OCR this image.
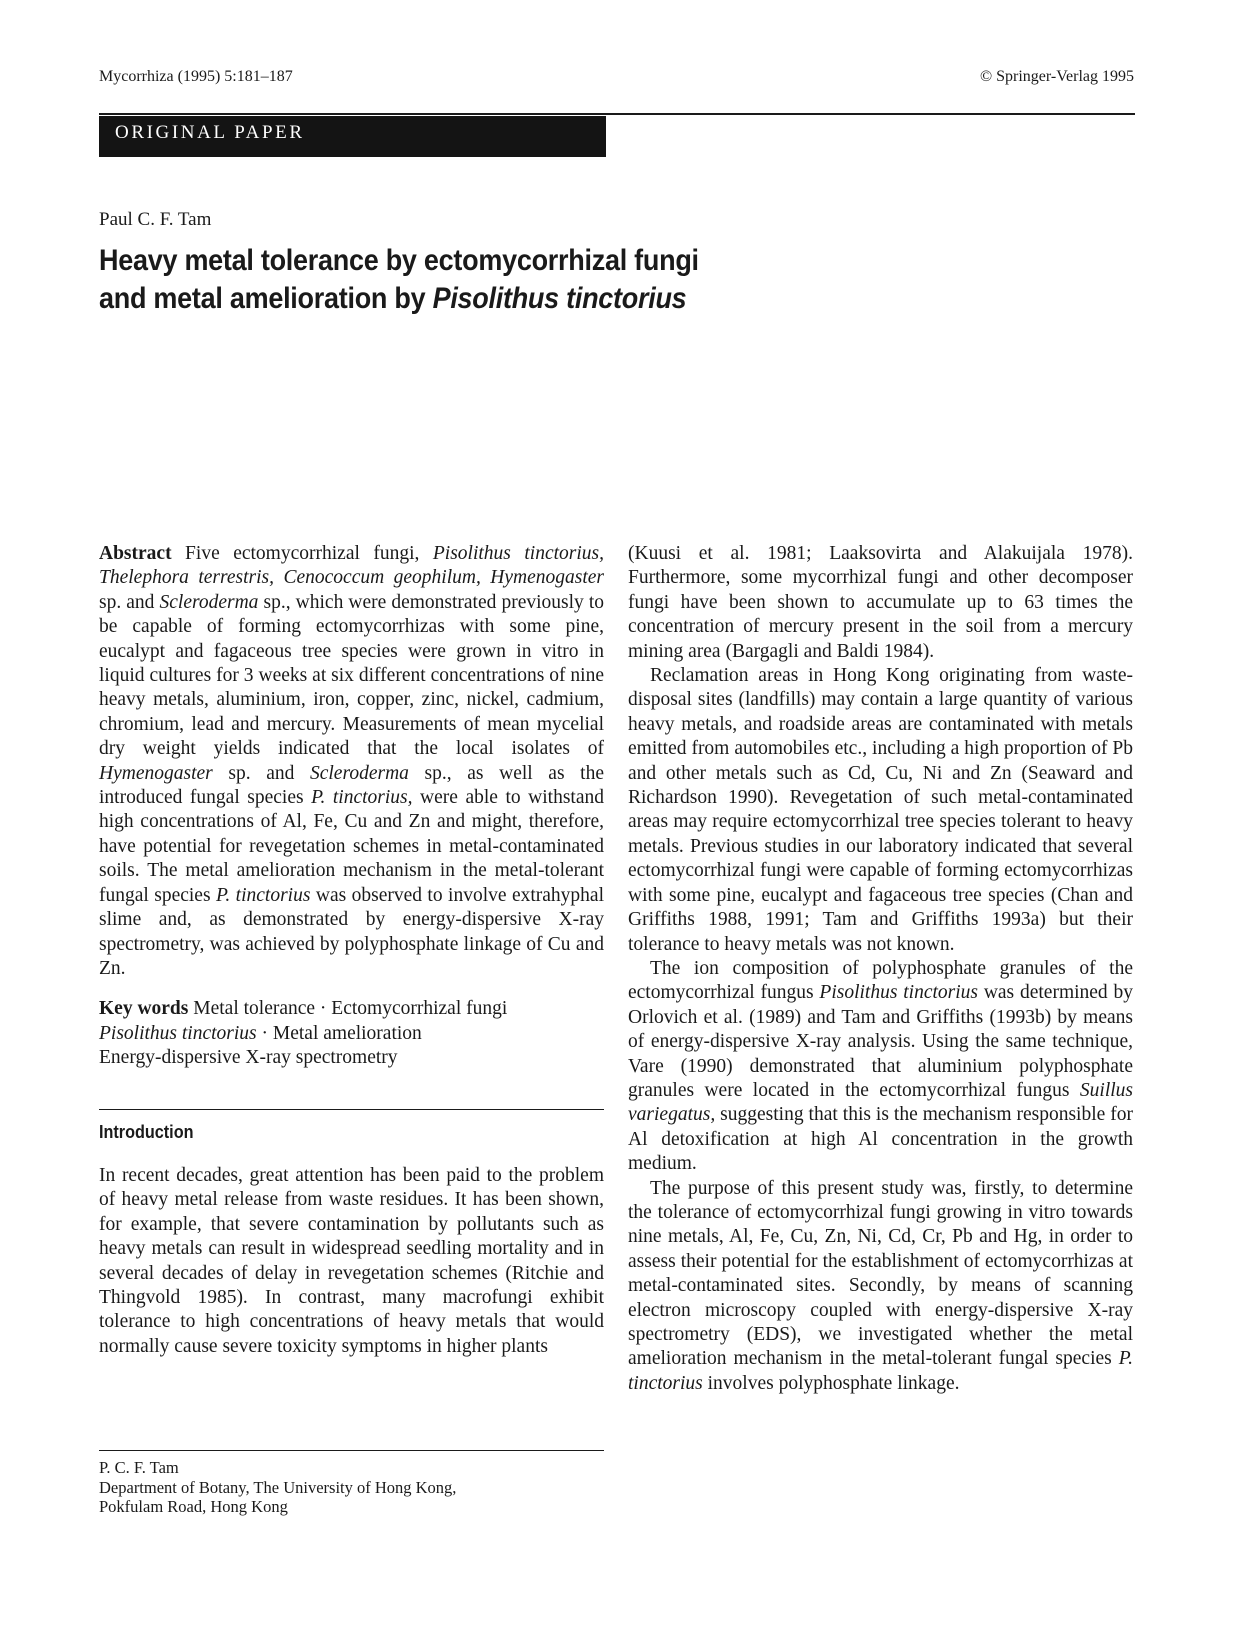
Mycorrhiza (1995) 5:181–187	© Springer-Verlag 1995
ORIGINAL PAPER
Paul C. F. Tam
Heavy metal tolerance by ectomycorrhizal fungi
and metal amelioration by Pisolithus tinctorius

Abstract Five ectomycorrhizal fungi, Pisolithus tinctorius, Thelephora terrestris, Cenococcum geophilum, Hymenogaster sp. and Scleroderma sp., which were demonstrated previously to be capable of forming ectomycorrhizas with some pine, eucalypt and fagaceous tree species were grown in vitro in liquid cultures for 3 weeks at six different concentrations of nine heavy metals, aluminium, iron, copper, zinc, nickel, cadmium, chromium, lead and mercury. Measurements of mean mycelial dry weight yields indicated that the local isolates of Hymenogaster sp. and Scleroderma sp., as well as the introduced fungal species P. tinctorius, were able to withstand high concentrations of Al, Fe, Cu and Zn and might, therefore, have potential for revegetation schemes in metal-contaminated soils. The metal amelioration mechanism in the metal-tolerant fungal species P. tinctorius was observed to involve extrahyphal slime and, as demonstrated by energy-dispersive X-ray spectrometry, was achieved by polyphosphate linkage of Cu and Zn.

Key words Metal tolerance · Ectomycorrhizal fungi
Pisolithus tinctorius · Metal amelioration
Energy-dispersive X-ray spectrometry
Introduction

In recent decades, great attention has been paid to the problem of heavy metal release from waste residues. It has been shown, for example, that severe contamination by pollutants such as heavy metals can result in widespread seedling mortality and in several decades of delay in revegetation schemes (Ritchie and Thingvold 1985). In contrast, many macrofungi exhibit tolerance to high concentrations of heavy metals that would normally cause severe toxicity symptoms in higher plants

(Kuusi et al. 1981; Laaksovirta and Alakuijala 1978). Furthermore, some mycorrhizal fungi and other decomposer fungi have been shown to accumulate up to 63 times the concentration of mercury present in the soil from a mercury mining area (Bargagli and Baldi 1984).

Reclamation areas in Hong Kong originating from waste-disposal sites (landfills) may contain a large quantity of various heavy metals, and roadside areas are contaminated with metals emitted from automobiles etc., including a high proportion of Pb and other metals such as Cd, Cu, Ni and Zn (Seaward and Richardson 1990). Revegetation of such metal-contaminated areas may require ectomycorrhizal tree species tolerant to heavy metals. Previous studies in our laboratory indicated that several ectomycorrhizal fungi were capable of forming ectomycorrhizas with some pine, eucalypt and fagaceous tree species (Chan and Griffiths 1988, 1991; Tam and Griffiths 1993a) but their tolerance to heavy metals was not known.

The ion composition of polyphosphate granules of the ectomycorrhizal fungus Pisolithus tinctorius was determined by Orlovich et al. (1989) and Tam and Griffiths (1993b) by means of energy-dispersive X-ray analysis. Using the same technique, Vare (1990) demonstrated that aluminium polyphosphate granules were located in the ectomycorrhizal fungus Suillus variegatus, suggesting that this is the mechanism responsible for Al detoxification at high Al concentration in the growth medium.

The purpose of this present study was, firstly, to determine the tolerance of ectomycorrhizal fungi growing in vitro towards nine metals, Al, Fe, Cu, Zn, Ni, Cd, Cr, Pb and Hg, in order to assess their potential for the establishment of ectomycorrhizas at metal-contaminated sites. Secondly, by means of scanning electron microscopy coupled with energy-dispersive X-ray spectrometry (EDS), we investigated whether the metal amelioration mechanism in the metal-tolerant fungal species P. tinctorius involves polyphosphate linkage.

P. C. F. Tam
Department of Botany, The University of Hong Kong,
Pokfulam Road, Hong Kong
